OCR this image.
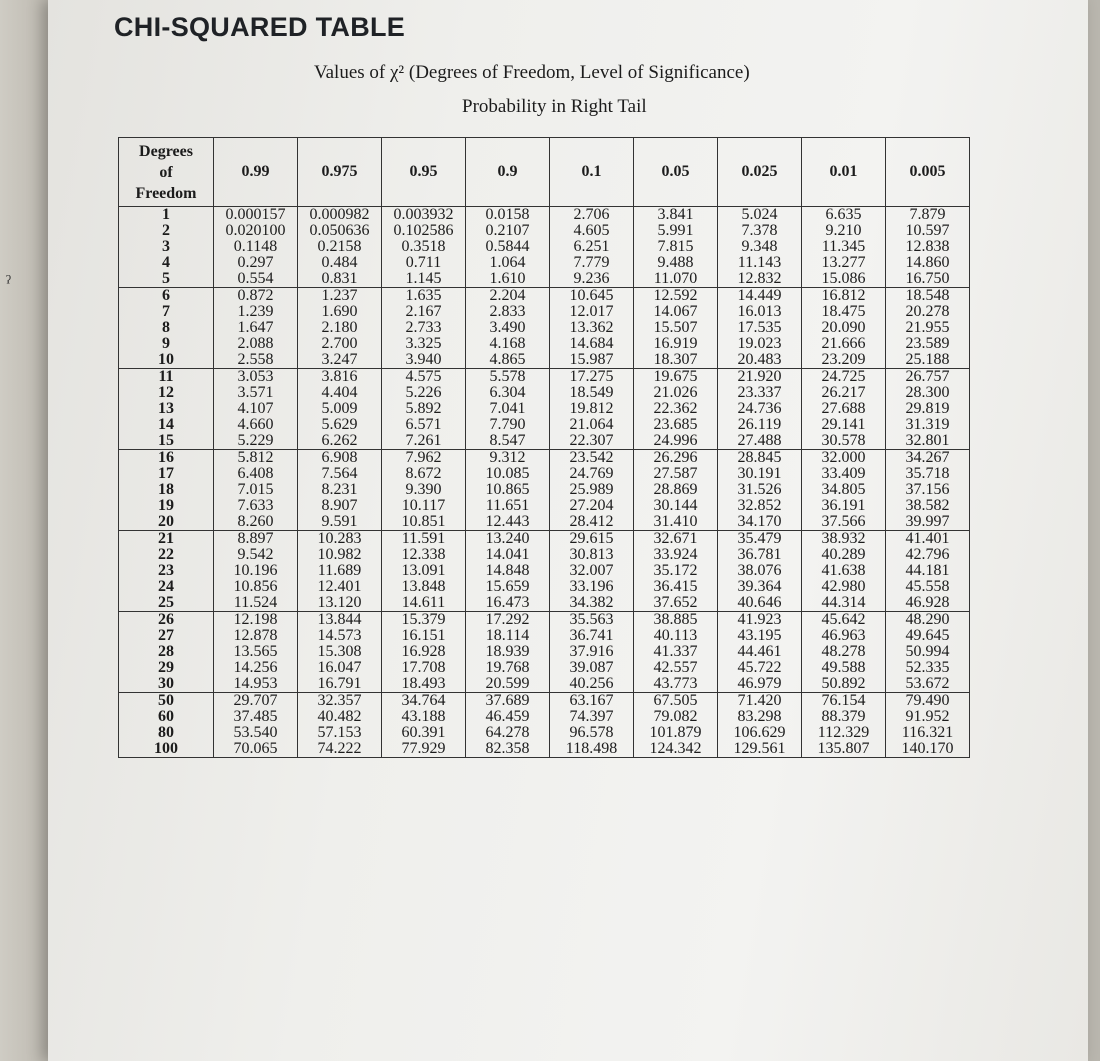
ˀ
CHI-SQUARED TABLE
Values of χ² (Degrees of Freedom, Level of Significance)
Probability in Right Tail
Degrees
of
Freedom	0.99	0.975	0.95	0.9	0.1	0.05	0.025	0.01	0.005
1	0.000157	0.000982	0.003932	0.0158	2.706	3.841	5.024	6.635	7.879
2	0.020100	0.050636	0.102586	0.2107	4.605	5.991	7.378	9.210	10.597
3	0.1148	0.2158	0.3518	0.5844	6.251	7.815	9.348	11.345	12.838
4	0.297	0.484	0.711	1.064	7.779	9.488	11.143	13.277	14.860
5	0.554	0.831	1.145	1.610	9.236	11.070	12.832	15.086	16.750
6	0.872	1.237	1.635	2.204	10.645	12.592	14.449	16.812	18.548
7	1.239	1.690	2.167	2.833	12.017	14.067	16.013	18.475	20.278
8	1.647	2.180	2.733	3.490	13.362	15.507	17.535	20.090	21.955
9	2.088	2.700	3.325	4.168	14.684	16.919	19.023	21.666	23.589
10	2.558	3.247	3.940	4.865	15.987	18.307	20.483	23.209	25.188
11	3.053	3.816	4.575	5.578	17.275	19.675	21.920	24.725	26.757
12	3.571	4.404	5.226	6.304	18.549	21.026	23.337	26.217	28.300
13	4.107	5.009	5.892	7.041	19.812	22.362	24.736	27.688	29.819
14	4.660	5.629	6.571	7.790	21.064	23.685	26.119	29.141	31.319
15	5.229	6.262	7.261	8.547	22.307	24.996	27.488	30.578	32.801
16	5.812	6.908	7.962	9.312	23.542	26.296	28.845	32.000	34.267
17	6.408	7.564	8.672	10.085	24.769	27.587	30.191	33.409	35.718
18	7.015	8.231	9.390	10.865	25.989	28.869	31.526	34.805	37.156
19	7.633	8.907	10.117	11.651	27.204	30.144	32.852	36.191	38.582
20	8.260	9.591	10.851	12.443	28.412	31.410	34.170	37.566	39.997
21	8.897	10.283	11.591	13.240	29.615	32.671	35.479	38.932	41.401
22	9.542	10.982	12.338	14.041	30.813	33.924	36.781	40.289	42.796
23	10.196	11.689	13.091	14.848	32.007	35.172	38.076	41.638	44.181
24	10.856	12.401	13.848	15.659	33.196	36.415	39.364	42.980	45.558
25	11.524	13.120	14.611	16.473	34.382	37.652	40.646	44.314	46.928
26	12.198	13.844	15.379	17.292	35.563	38.885	41.923	45.642	48.290
27	12.878	14.573	16.151	18.114	36.741	40.113	43.195	46.963	49.645
28	13.565	15.308	16.928	18.939	37.916	41.337	44.461	48.278	50.994
29	14.256	16.047	17.708	19.768	39.087	42.557	45.722	49.588	52.335
30	14.953	16.791	18.493	20.599	40.256	43.773	46.979	50.892	53.672
50	29.707	32.357	34.764	37.689	63.167	67.505	71.420	76.154	79.490
60	37.485	40.482	43.188	46.459	74.397	79.082	83.298	88.379	91.952
80	53.540	57.153	60.391	64.278	96.578	101.879	106.629	112.329	116.321
100	70.065	74.222	77.929	82.358	118.498	124.342	129.561	135.807	140.170
